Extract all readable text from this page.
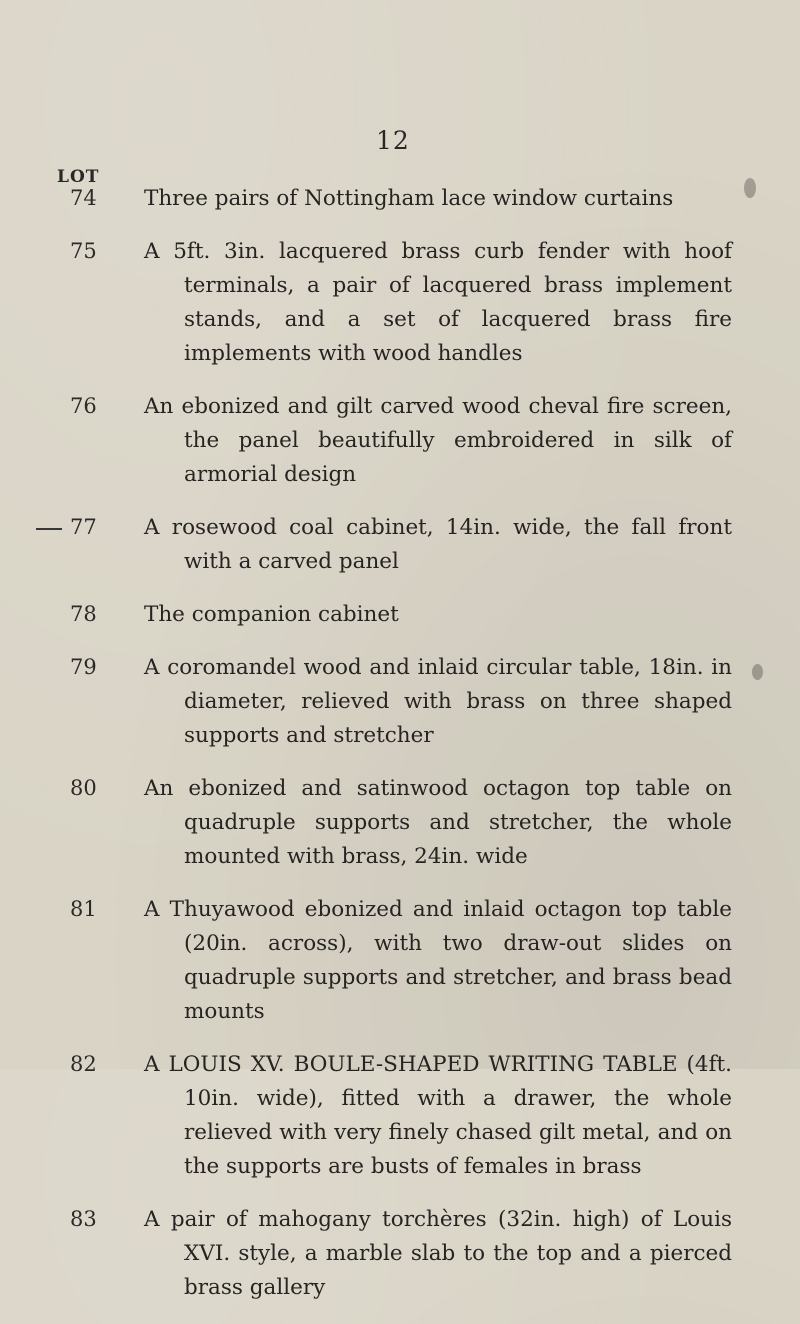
12
LOT
74 Three pairs of Nottingham lace window curtains
75 A 5ft. 3in. lacquered brass curb fender with hoof terminals, a pair of lacquered brass implement stands, and a set of lacquered brass fire implements with wood handles
76 An ebonized and gilt carved wood cheval fire screen, the panel beautifully embroidered in silk of armorial design
77 A rosewood coal cabinet, 14in. wide, the fall front with a carved panel
78 The companion cabinet
79 A coromandel wood and inlaid circular table, 18in. in diameter, relieved with brass on three shaped supports and stretcher
80 An ebonized and satinwood octagon top table on quadruple supports and stretcher, the whole mounted with brass, 24in. wide
81 A Thuyawood ebonized and inlaid octagon top table (20in. across), with two draw-out slides on quadruple supports and stretcher, and brass bead mounts
82 A LOUIS XV. BOULE-SHAPED WRITING TABLE (4ft. 10in. wide), fitted with a drawer, the whole relieved with very finely chased gilt metal, and on the supports are busts of females in brass
83 A pair of mahogany torchères (32in. high) of Louis XVI. style, a marble slab to the top and a pierced brass gallery
